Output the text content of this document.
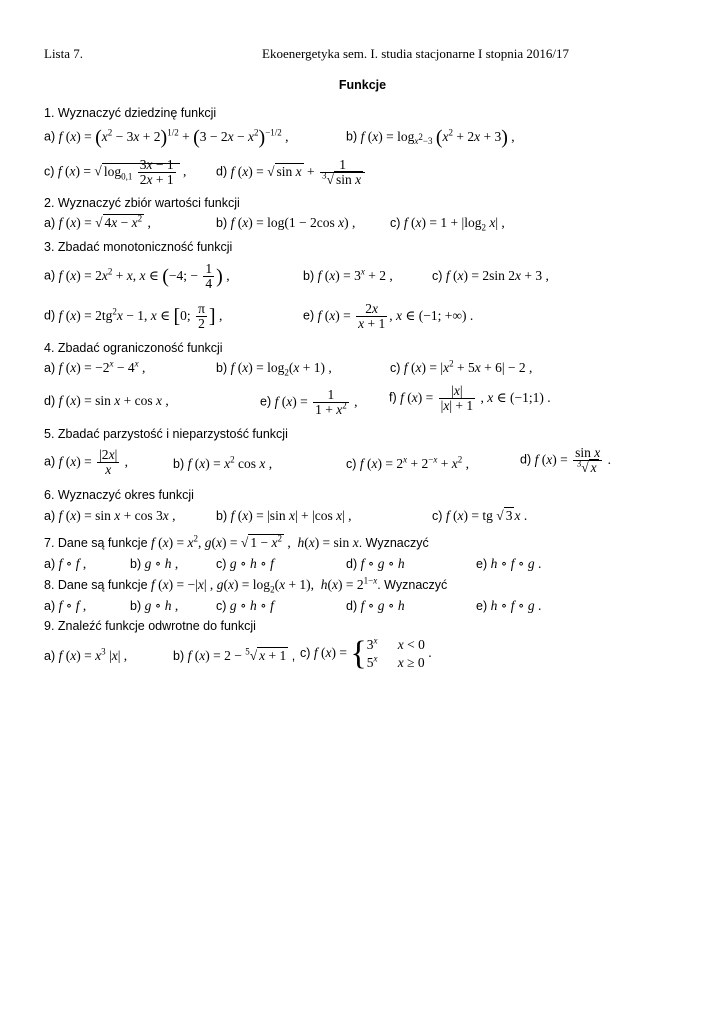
Lista 7.	Ekoenergetyka sem. I. studia stacjonarne I stopnia 2016/17
Funkcje
1. Wyznaczyć dziedzinę funkcji
a) f $(x) = (x^2 - 3x + 2)^{1/2} + (3 - 2x - x^2)^{-1/2}$ ,	b) f $(x) = \log_{x^2-3} (x^2 + 2x + 3)$ ,
c) f (x) = √ $\log_{0,1} \frac{3x - 1}{2x + 1}$ , d) f (x) = √ $\sin x + \frac{1}{^3√ \sin x}$
2. Wyznaczyć zbiór wartości funkcji
a) f (x) = √ $4x - x^2$ ,	b) f (x) = log(1 − 2cos x) ,	c) f $(x) = 1 + |\log_2$ x| ,
3. Zbadać monotoniczność funkcji
a) f $(x) = 2x^2 + x$, x ∈ (−4; − $\frac{1}{4}$ ) ,	b) f $(x) = 3^x + 2$ ,	c) f (x) = 2sin 2x + 3 ,
d) f $(x) = 2tg^2x - 1$, x ∈ [0; $\frac{\pi}{2}$ ] ,	e) f $(x) = \frac{2x}{x + 1}$ , x ∈ (−1; +∞) .
4. Zbadać ograniczoność funkcji
a) f $(x) = -2^x - 4^x$ ,	b) f $(x) = \log_2(x + 1)$ ,	c) f $(x) = |x^2 + 5x + 6| - 2$ ,
d) f (x) = sin x + cos x ,	e) f $(x) = \frac{1}{1 + x^2}$ ,	f) f $(x) = \frac{|x|}{|x| + 1}$ , x ∈ (−1;1) .
5. Zbadać parzystość i nieparzystość funkcji
a) f $(x) = \frac{|2x|}{x}$ ,	b) f $(x) = x^2$ cos x ,	c) f $(x) = 2^x + 2^{-x} + x^2$ ,	d) f $(x) = \frac{\text{sin x}}{^3√ x}$ .
6. Wyznaczyć okres funkcji
a) f (x) = sin x + cos 3x ,	b) f (x) = |sin x| + |cos x| ,	c) f (x) = tg √ 3 x .
7. Dane są funkcje f $(x) = x^2$, g(x) = √ $1 - x^2$ ,  h(x) = sin x. Wyznaczyć
a) f ∘ f ,	b) g ∘ h ,	c) g ∘ h ∘ f	d) f ∘ g ∘ h	e) h ∘ f ∘ g .
8. Dane są funkcje f (x) = −|x| , $g(x) = \log_2(x + 1)$,  $h(x) = 2^{1-x}$. Wyznaczyć
a) f ∘ f ,	b) g ∘ h ,	c) g ∘ h ∘ f	d) f ∘ g ∘ h	e) h ∘ f ∘ g .
9. Znaleźć funkcje odwrotne do funkcji
a) f $(x) = x^3$ |x| ,	b) f (x) = 2 − $^5$√ x + 1 , c) f $(x) = \{3^x$ x < 0
5$^x$ x ≥ 0 .
